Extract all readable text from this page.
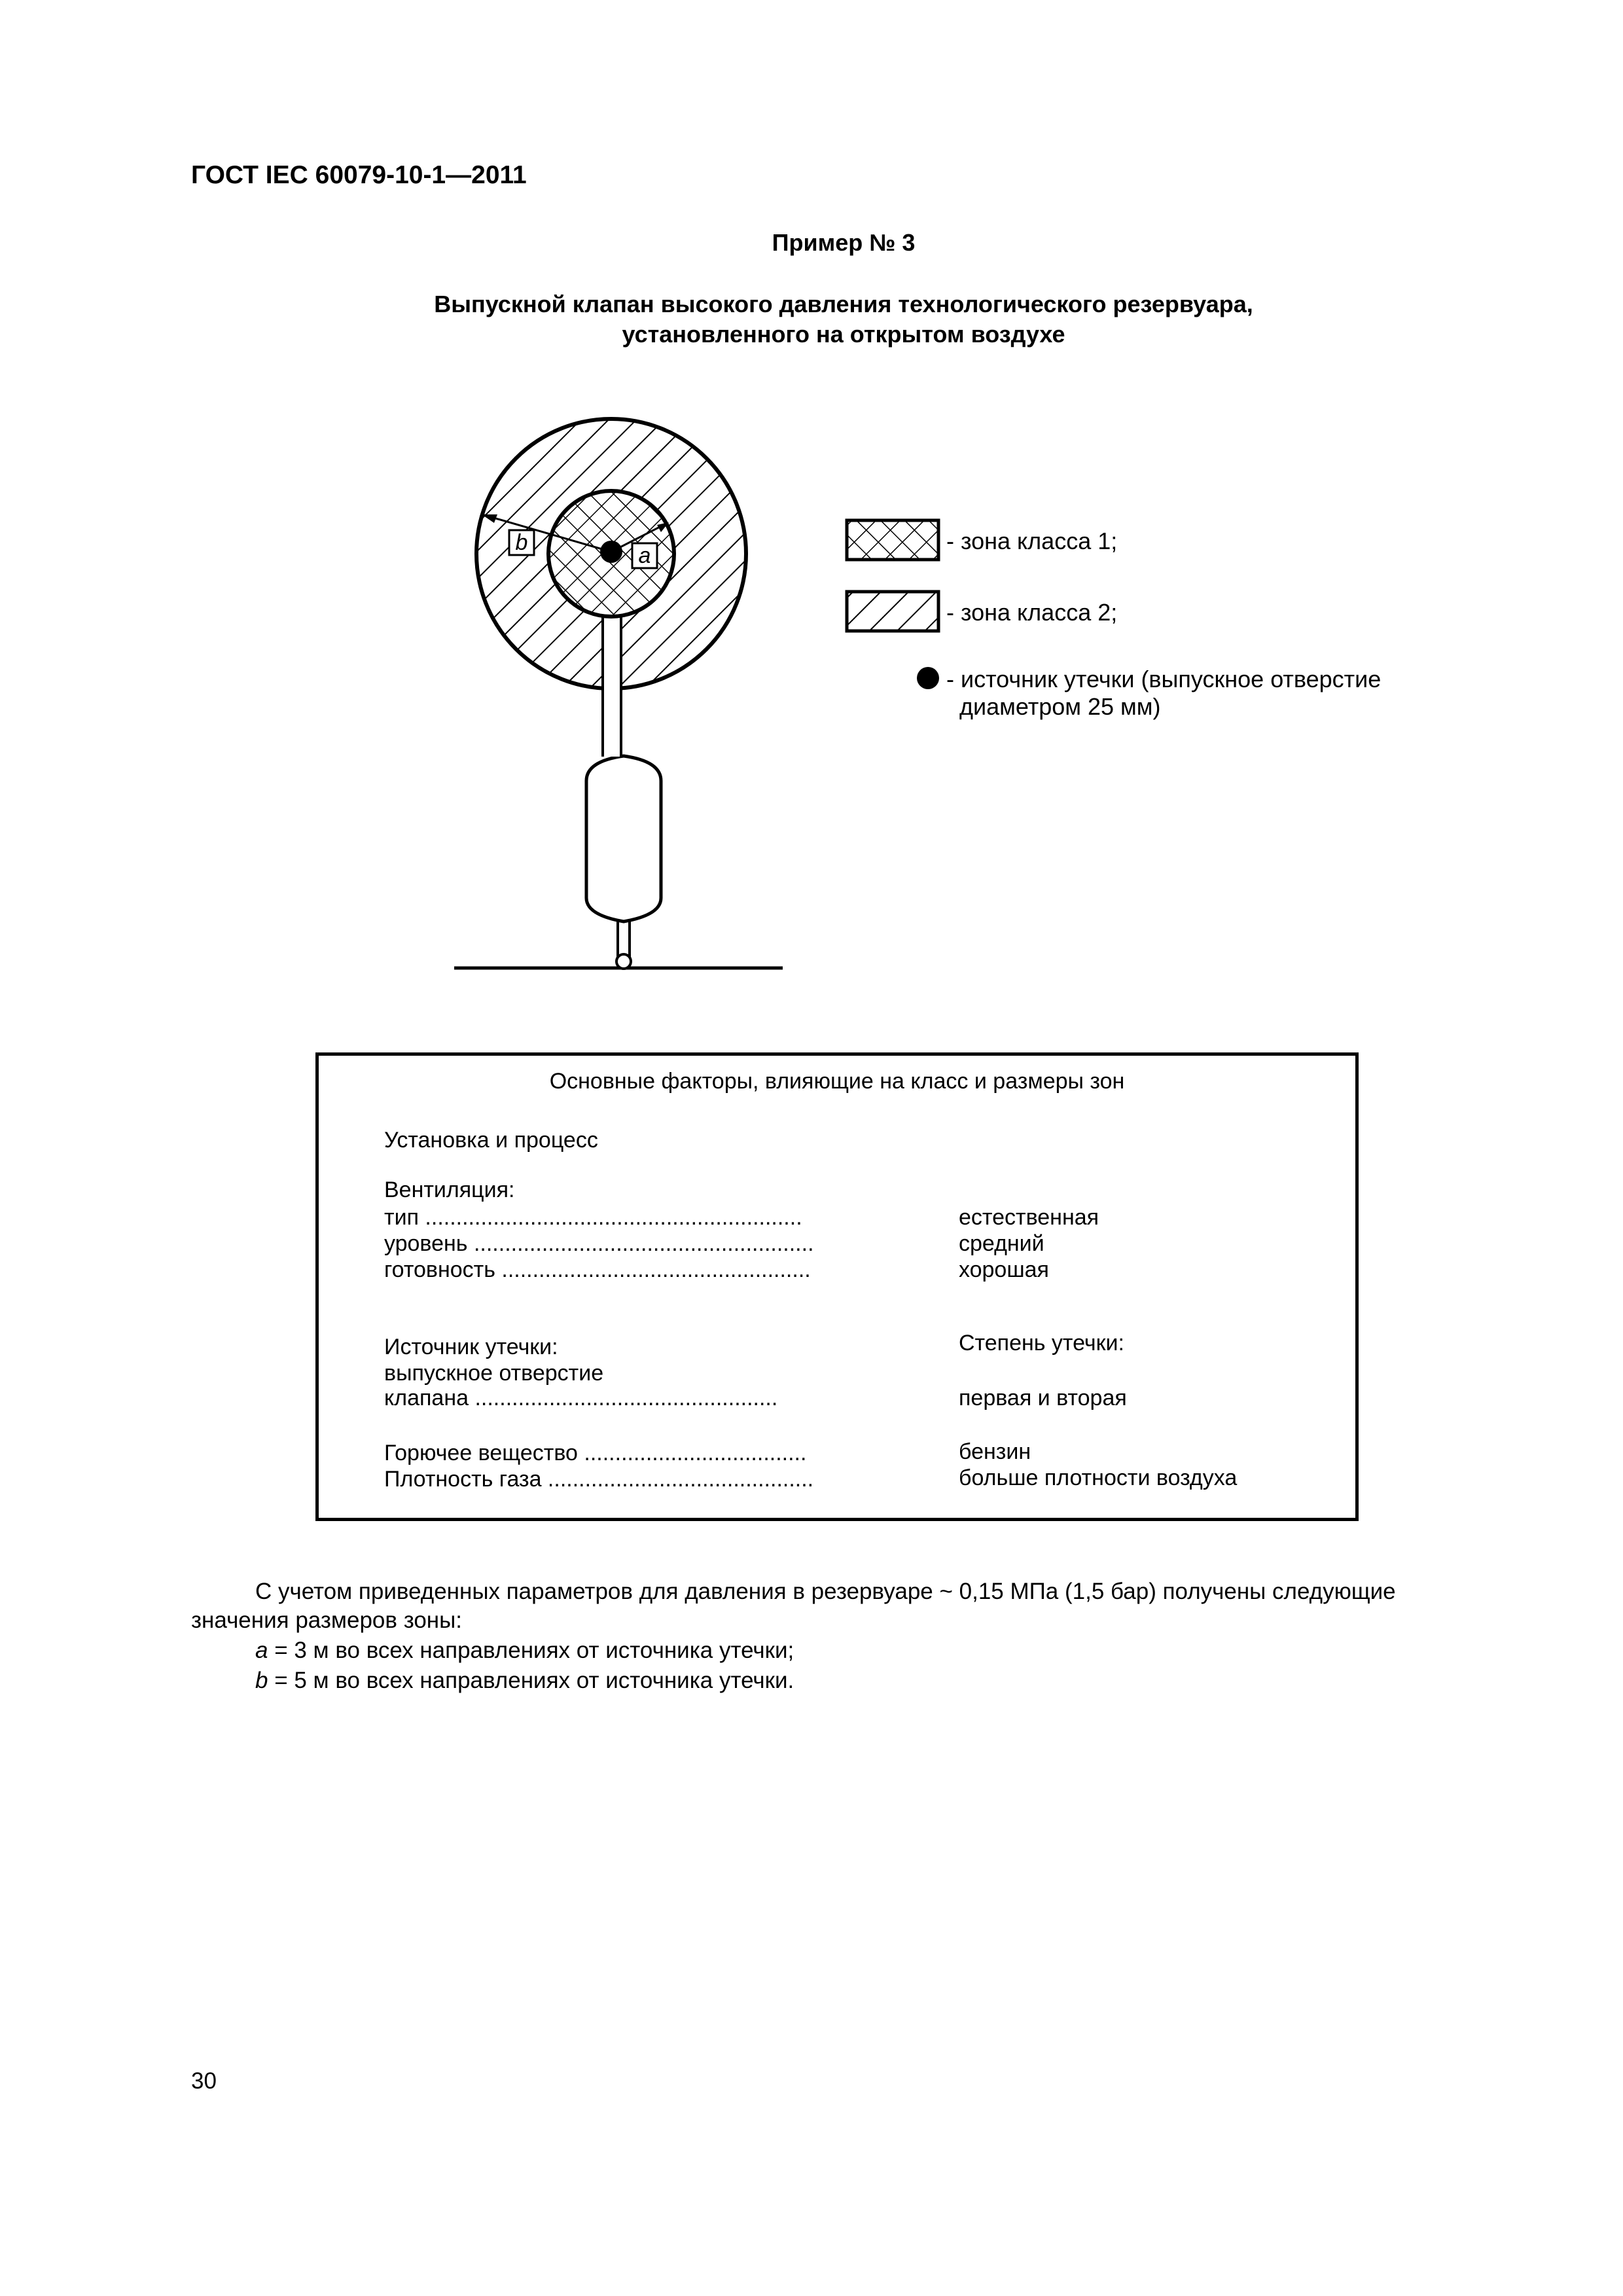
ГОСТ IEC 60079-10-1—2011
Пример № 3
Выпускной клапан высокого давления технологического резервуара,
установленного на открытом воздухе
b
a
- зона класса 1;
- зона класса 2;
- источник утечки (выпускное отверстие
диаметром 25 мм)
Основные факторы, влияющие на класс и размеры зон
Установка и процесс
Вентиляция:
тип .............................................................	естественная
уровень .......................................................	средний
готовность ..................................................	хорошая
Источник утечки:	Степень утечки:
выпускное отверстие
клапана .................................................	первая и вторая
Горючее вещество ....................................	бензин
Плотность газа ...........................................	больше плотности воздуха
С учетом приведенных параметров для давления в резервуаре ~ 0,15 МПа (1,5 бар) получены следующие
значения размеров зоны:
a = 3 м во всех направлениях от источника утечки;
b = 5 м во всех направлениях от источника утечки.
30
